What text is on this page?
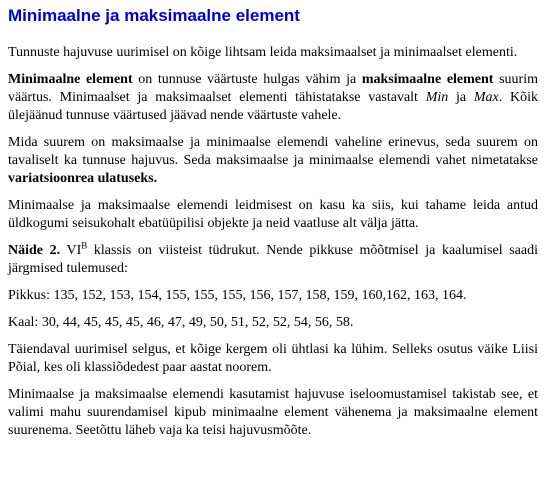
Minimaalne ja maksimaalne element

Tunnuste hajuvuse uurimisel on kõige lihtsam leida maksimaalset ja minimaalset elementi.

Minimaalne element on tunnuse väärtuste hulgas vähim ja maksimaalne element suurim väärtus. Minimaalset ja maksimaalset elementi tähistatakse vastavalt Min ja Max. Kõik ülejäänud tunnuse väärtused jäävad nende väärtuste vahele.

Mida suurem on maksimaalse ja minimaalse elemendi vaheline erinevus, seda suurem on tavaliselt ka tunnuse hajuvus. Seda maksimaalse ja minimaalse elemendi vahet nimetatakse variatsioonrea ulatuseks.

Minimaalse ja maksimaalse elemendi leidmisest on kasu ka siis, kui tahame leida antud üldkogumi seisukohalt ebatüüpilisi objekte ja neid vaatluse alt välja jätta.

Näide 2. $VI^B$ klassis on viisteist tüdrukut. Nende pikkuse mõõtmisel ja kaalumisel saadi järgmised tulemused:

Pikkus: 135, 152, 153, 154, 155, 155, 155, 156, 157, 158, 159, 160,162, 163, 164.

Kaal: 30, 44, 45, 45, 45, 46, 47, 49, 50, 51, 52, 52, 54, 56, 58.

Täiendaval uurimisel selgus, et kõige kergem oli ühtlasi ka lühim. Selleks osutus väike Liisi Põial, kes oli klassiõdedest paar aastat noorem.

Minimaalse ja maksimaalse elemendi kasutamist hajuvuse iseloomustamisel takistab see, et valimi mahu suurendamisel kipub minimaalne element vähenema ja maksimaalne element suurenema. Seetõttu läheb vaja ka teisi hajuvusmõõte.
